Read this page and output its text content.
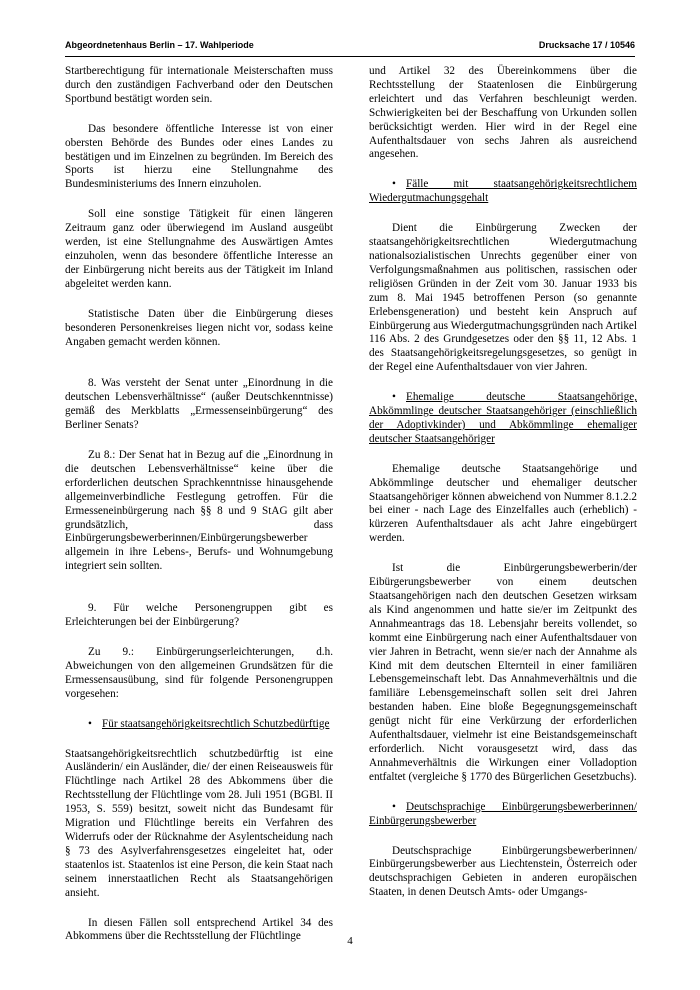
Abgeordnetenhaus Berlin – 17. Wahlperiode	Drucksache 17 / 10546

Startberechtigung für internationale Meisterschaften muss durch den zuständigen Fachverband oder den Deutschen Sportbund bestätigt worden sein.

Das besondere öffentliche Interesse ist von einer obersten Behörde des Bundes oder eines Landes zu bestätigen und im Einzelnen zu begründen. Im Bereich des Sports ist hierzu eine Stellungnahme des Bundesministeriums des Innern einzuholen.

Soll eine sonstige Tätigkeit für einen längeren Zeitraum ganz oder überwiegend im Ausland ausgeübt werden, ist eine Stellungnahme des Auswärtigen Amtes einzuholen, wenn das besondere öffentliche Interesse an der Einbürgerung nicht bereits aus der Tätigkeit im Inland abgeleitet werden kann.

Statistische Daten über die Einbürgerung dieses besonderen Personenkreises liegen nicht vor, sodass keine Angaben gemacht werden können.

8. Was versteht der Senat unter „Einordnung in die deutschen Lebensverhältnisse“ (außer Deutschkenntnisse) gemäß des Merkblatts „Ermessenseinbürgerung“ des Berliner Senats?

Zu 8.: Der Senat hat in Bezug auf die „Einordnung in die deutschen Lebensverhältnisse“ keine über die erforderlichen deutschen Sprachkenntnisse hinausgehende allgemeinverbindliche Festlegung getroffen. Für die Ermesseneinbürgerung nach §§ 8 und 9 StAG gilt aber grundsätzlich, dass Einbürgerungsbewerberinnen/Einbürgerungsbewerber allgemein in ihre Lebens-, Berufs- und Wohnumgebung integriert sein sollten.

9. Für welche Personengruppen gibt es Erleichterungen bei der Einbürgerung?

Zu 9.: Einbürgerungserleichterungen, d.h. Abweichungen von den allgemeinen Grundsätzen für die Ermessensausübung, sind für folgende Personengruppen vorgesehen:

• Für staatsangehörigkeitsrechtlich Schutzbedürftige

Staatsangehörigkeitsrechtlich schutzbedürftig ist eine Ausländerin/ ein Ausländer, die/ der einen Reiseausweis für Flüchtlinge nach Artikel 28 des Abkommens über die Rechtsstellung der Flüchtlinge vom 28. Juli 1951 (BGBl. II 1953, S. 559) besitzt, soweit nicht das Bundesamt für Migration und Flüchtlinge bereits ein Verfahren des Widerrufs oder der Rücknahme der Asylentscheidung nach § 73 des Asylverfahrensgesetzes eingeleitet hat, oder staatenlos ist. Staatenlos ist eine Person, die kein Staat nach seinem innerstaatlichen Recht als Staatsangehörigen ansieht.

In diesen Fällen soll entsprechend Artikel 34 des Abkommens über die Rechtsstellung der Flüchtlinge

und Artikel 32 des Übereinkommens über die Rechtsstellung der Staatenlosen die Einbürgerung erleichtert und das Verfahren beschleunigt werden. Schwierigkeiten bei der Beschaffung von Urkunden sollen berücksichtigt werden. Hier wird in der Regel eine Aufenthaltsdauer von sechs Jahren als ausreichend angesehen.

• Fälle mit staatsangehörigkeitsrechtlichem Wiedergutmachungsgehalt

Dient die Einbürgerung Zwecken der staatsangehörigkeitsrechtlichen Wiedergutmachung nationalsozialistischen Unrechts gegenüber einer von Verfolgungsmaßnahmen aus politischen, rassischen oder religiösen Gründen in der Zeit vom 30. Januar 1933 bis zum 8. Mai 1945 betroffenen Person (so genannte Erlebensgeneration) und besteht kein Anspruch auf Einbürgerung aus Wiedergutmachungsgründen nach Artikel 116 Abs. 2 des Grundgesetzes oder den §§ 11, 12 Abs. 1 des Staatsangehörigkeitsregelungsgesetzes, so genügt in der Regel eine Aufenthaltsdauer von vier Jahren.

• Ehemalige deutsche Staatsangehörige, Abkömmlinge deutscher Staatsangehöriger (einschließlich der Adoptivkinder) und Abkömmlinge ehemaliger deutscher Staatsangehöriger

Ehemalige deutsche Staatsangehörige und Abkömmlinge deutscher und ehemaliger deutscher Staatsangehöriger können abweichend von Nummer 8.1.2.2 bei einer - nach Lage des Einzelfalles auch (erheblich) - kürzeren Aufenthaltsdauer als acht Jahre eingebürgert werden.

Ist die Einbürgerungsbewerberin/der Eibürgerungsbewerber von einem deutschen Staatsangehörigen nach den deutschen Gesetzen wirksam als Kind angenommen und hatte sie/er im Zeitpunkt des Annahmeantrags das 18. Lebensjahr bereits vollendet, so kommt eine Einbürgerung nach einer Aufenthaltsdauer von vier Jahren in Betracht, wenn sie/er nach der Annahme als Kind mit dem deutschen Elternteil in einer familiären Lebensgemeinschaft lebt. Das Annahmeverhältnis und die familiäre Lebensgemeinschaft sollen seit drei Jahren bestanden haben. Eine bloße Begegnungsgemeinschaft genügt nicht für eine Verkürzung der erforderlichen Aufenthaltsdauer, vielmehr ist eine Beistandsgemeinschaft erforderlich. Nicht vorausgesetzt wird, dass das Annahmeverhältnis die Wirkungen einer Volladoption entfaltet (vergleiche § 1770 des Bürgerlichen Gesetzbuchs).

• Deutschsprachige Einbürgerungsbewerberinnen/ Einbürgerungsbewerber

Deutschsprachige Einbürgerungsbewerberinnen/ Einbürgerungsbewerber aus Liechtenstein, Österreich oder deutschsprachigen Gebieten in anderen europäischen Staaten, in denen Deutsch Amts- oder Umgangs-

4
